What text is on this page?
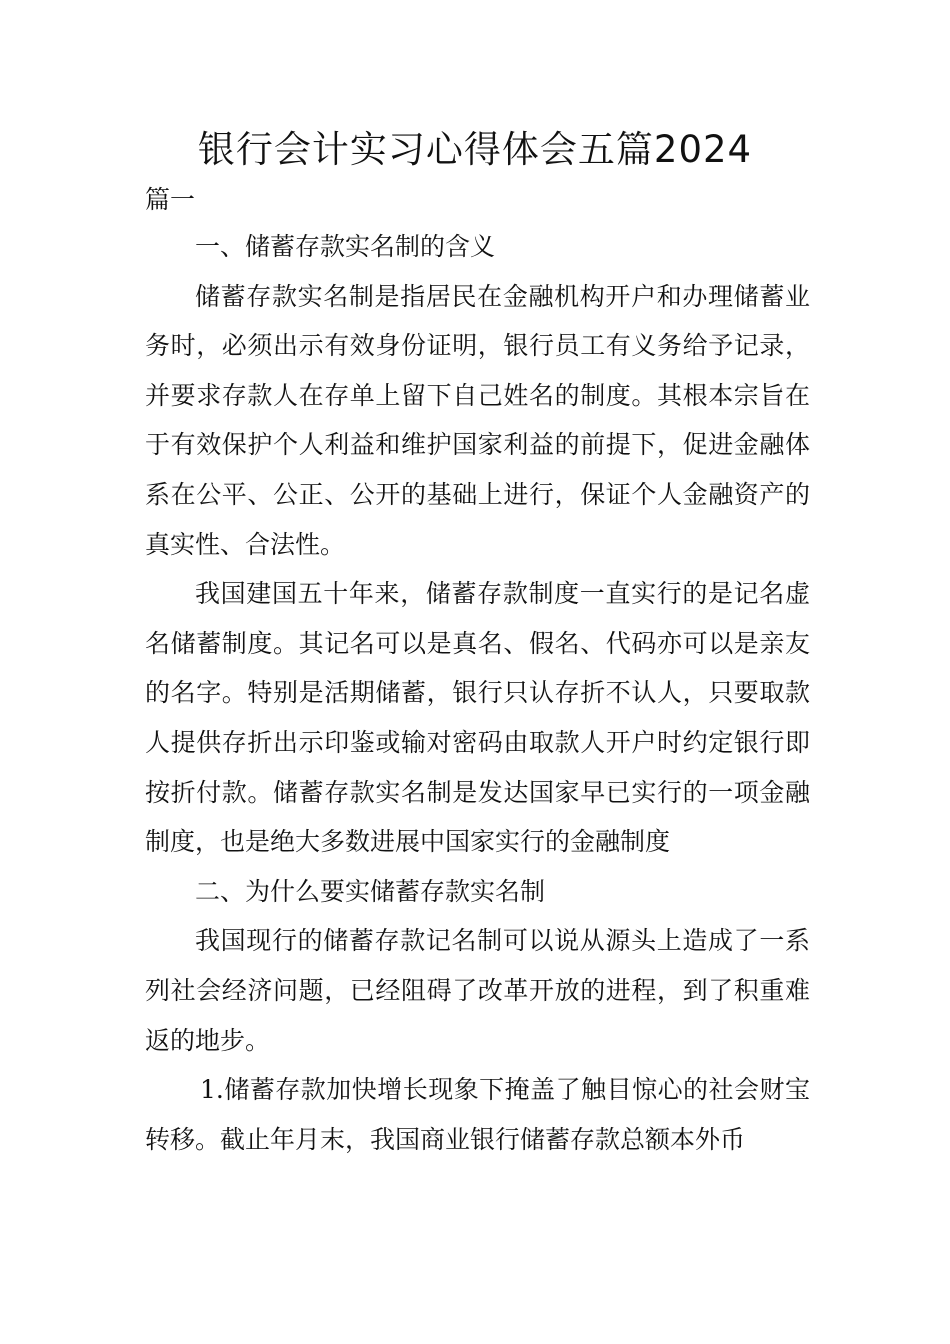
银行会计实习心得体会五篇2024
篇一

一、储蓄存款实名制的含义

储蓄存款实名制是指居民在金融机构开户和办理储蓄业务时，必须出示有效身份证明，银行员工有义务给予记录，并要求存款人在存单上留下自己姓名的制度。其根本宗旨在于有效保护个人利益和维护国家利益的前提下，促进金融体系在公平、公正、公开的基础上进行，保证个人金融资产的真实性、合法性。

我国建国五十年来，储蓄存款制度一直实行的是记名虚名储蓄制度。其记名可以是真名、假名、代码亦可以是亲友的名字。特别是活期储蓄，银行只认存折不认人，只要取款人提供存折出示印鉴或输对密码由取款人开户时约定银行即按折付款。储蓄存款实名制是发达国家早已实行的一项金融制度，也是绝大多数进展中国家实行的金融制度

二、为什么要实储蓄存款实名制

我国现行的储蓄存款记名制可以说从源头上造成了一系列社会经济问题，已经阻碍了改革开放的进程，到了积重难返的地步。

1.储蓄存款加快增长现象下掩盖了触目惊心的社会财宝转移。截止年月末，我国商业银行储蓄存款总额本外币
